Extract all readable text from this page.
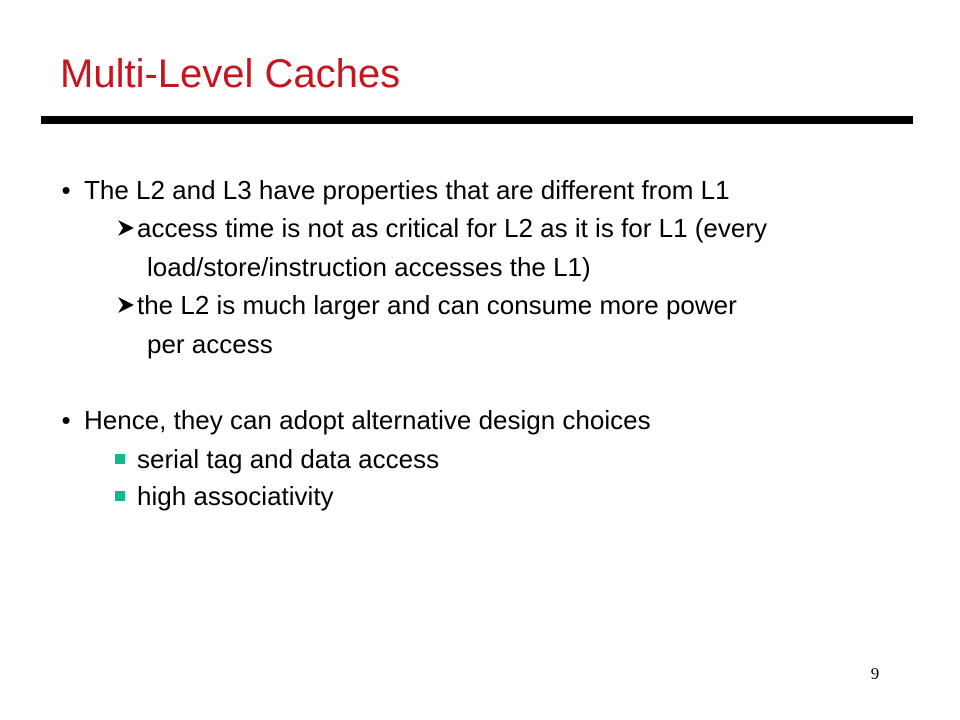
Multi-Level Caches
• The L2 and L3 have properties that are different from L1
access time is not as critical for L2 as it is for L1 (every
load/store/instruction accesses the L1)
the L2 is much larger and can consume more power
per access
• Hence, they can adopt alternative design choices
serial tag and data access
high associativity
9
